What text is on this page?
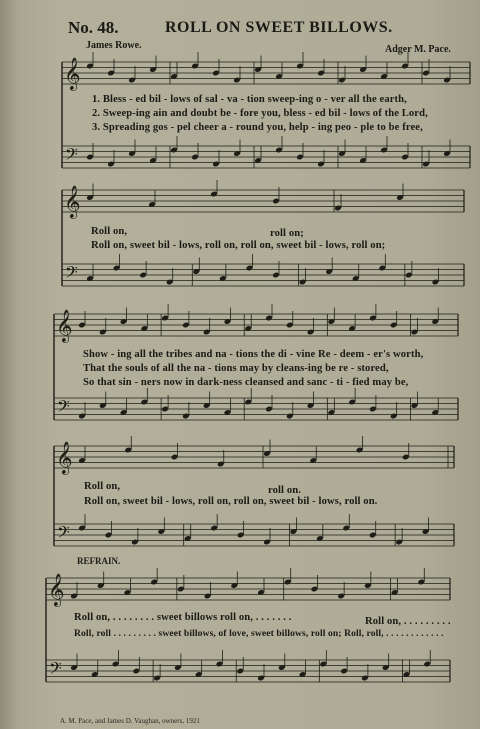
𝄞
𝄢
𝄞
𝄢
𝄞
𝄢
𝄞
𝄢
𝄞
𝄢
No. 48.	ROLL ON SWEET BILLOWS.
James Rowe.	Adger M. Pace.
1. Bless - ed bil - lows of sal - va - tion sweep-ing o - ver all the earth,
2. Sweep-ing ain and doubt be - fore you, bless - ed bil - lows of the Lord,
3. Spreading gos - pel cheer a - round you, help - ing peo - ple to be free,
Roll on,	roll on;
Roll on, sweet bil - lows, roll on, roll on, sweet bil - lows, roll on;
Show - ing all the tribes and na - tions the di - vine Re - deem - er's worth,
That the souls of all the na - tions may by cleans-ing be re - stored,
So that sin - ners now in dark-ness cleansed and sanc - ti - fied may be,
Roll on,	roll on.
Roll on, sweet bil - lows, roll on, roll on, sweet bil - lows, roll on.
REFRAIN.
Roll on, . . . . . . . . sweet billows roll on, . . . . . . .	Roll on, . . . . . . . . .
Roll, roll . . . . . . . . . sweet billows, of love, sweet billows, roll on; Roll, roll, . . . . . . . . . . . .
A. M. Pace, and James D. Vaughan, owners, 1921
